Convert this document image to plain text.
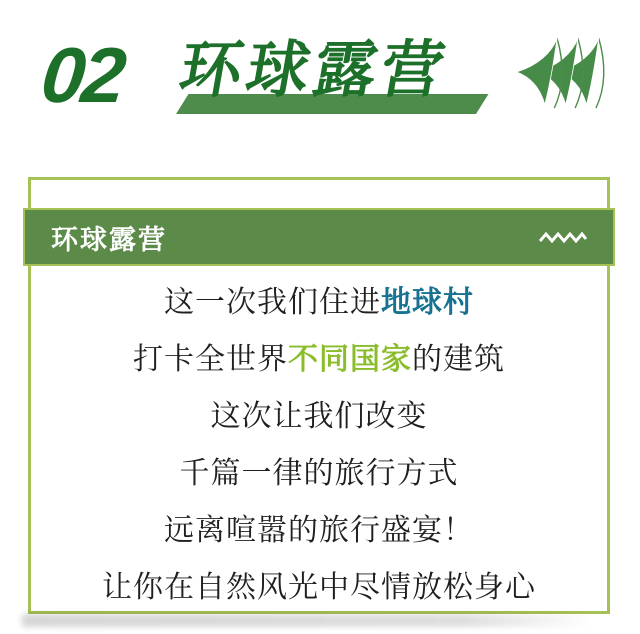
02 环球露营
环球露营

这一次我们住进 地球村

打卡全世界 不同国家 的建筑

这次让我们改变

千篇一律的旅行方式

远离喧嚣的旅行盛宴！

让你在自然风光中尽情放松身心
